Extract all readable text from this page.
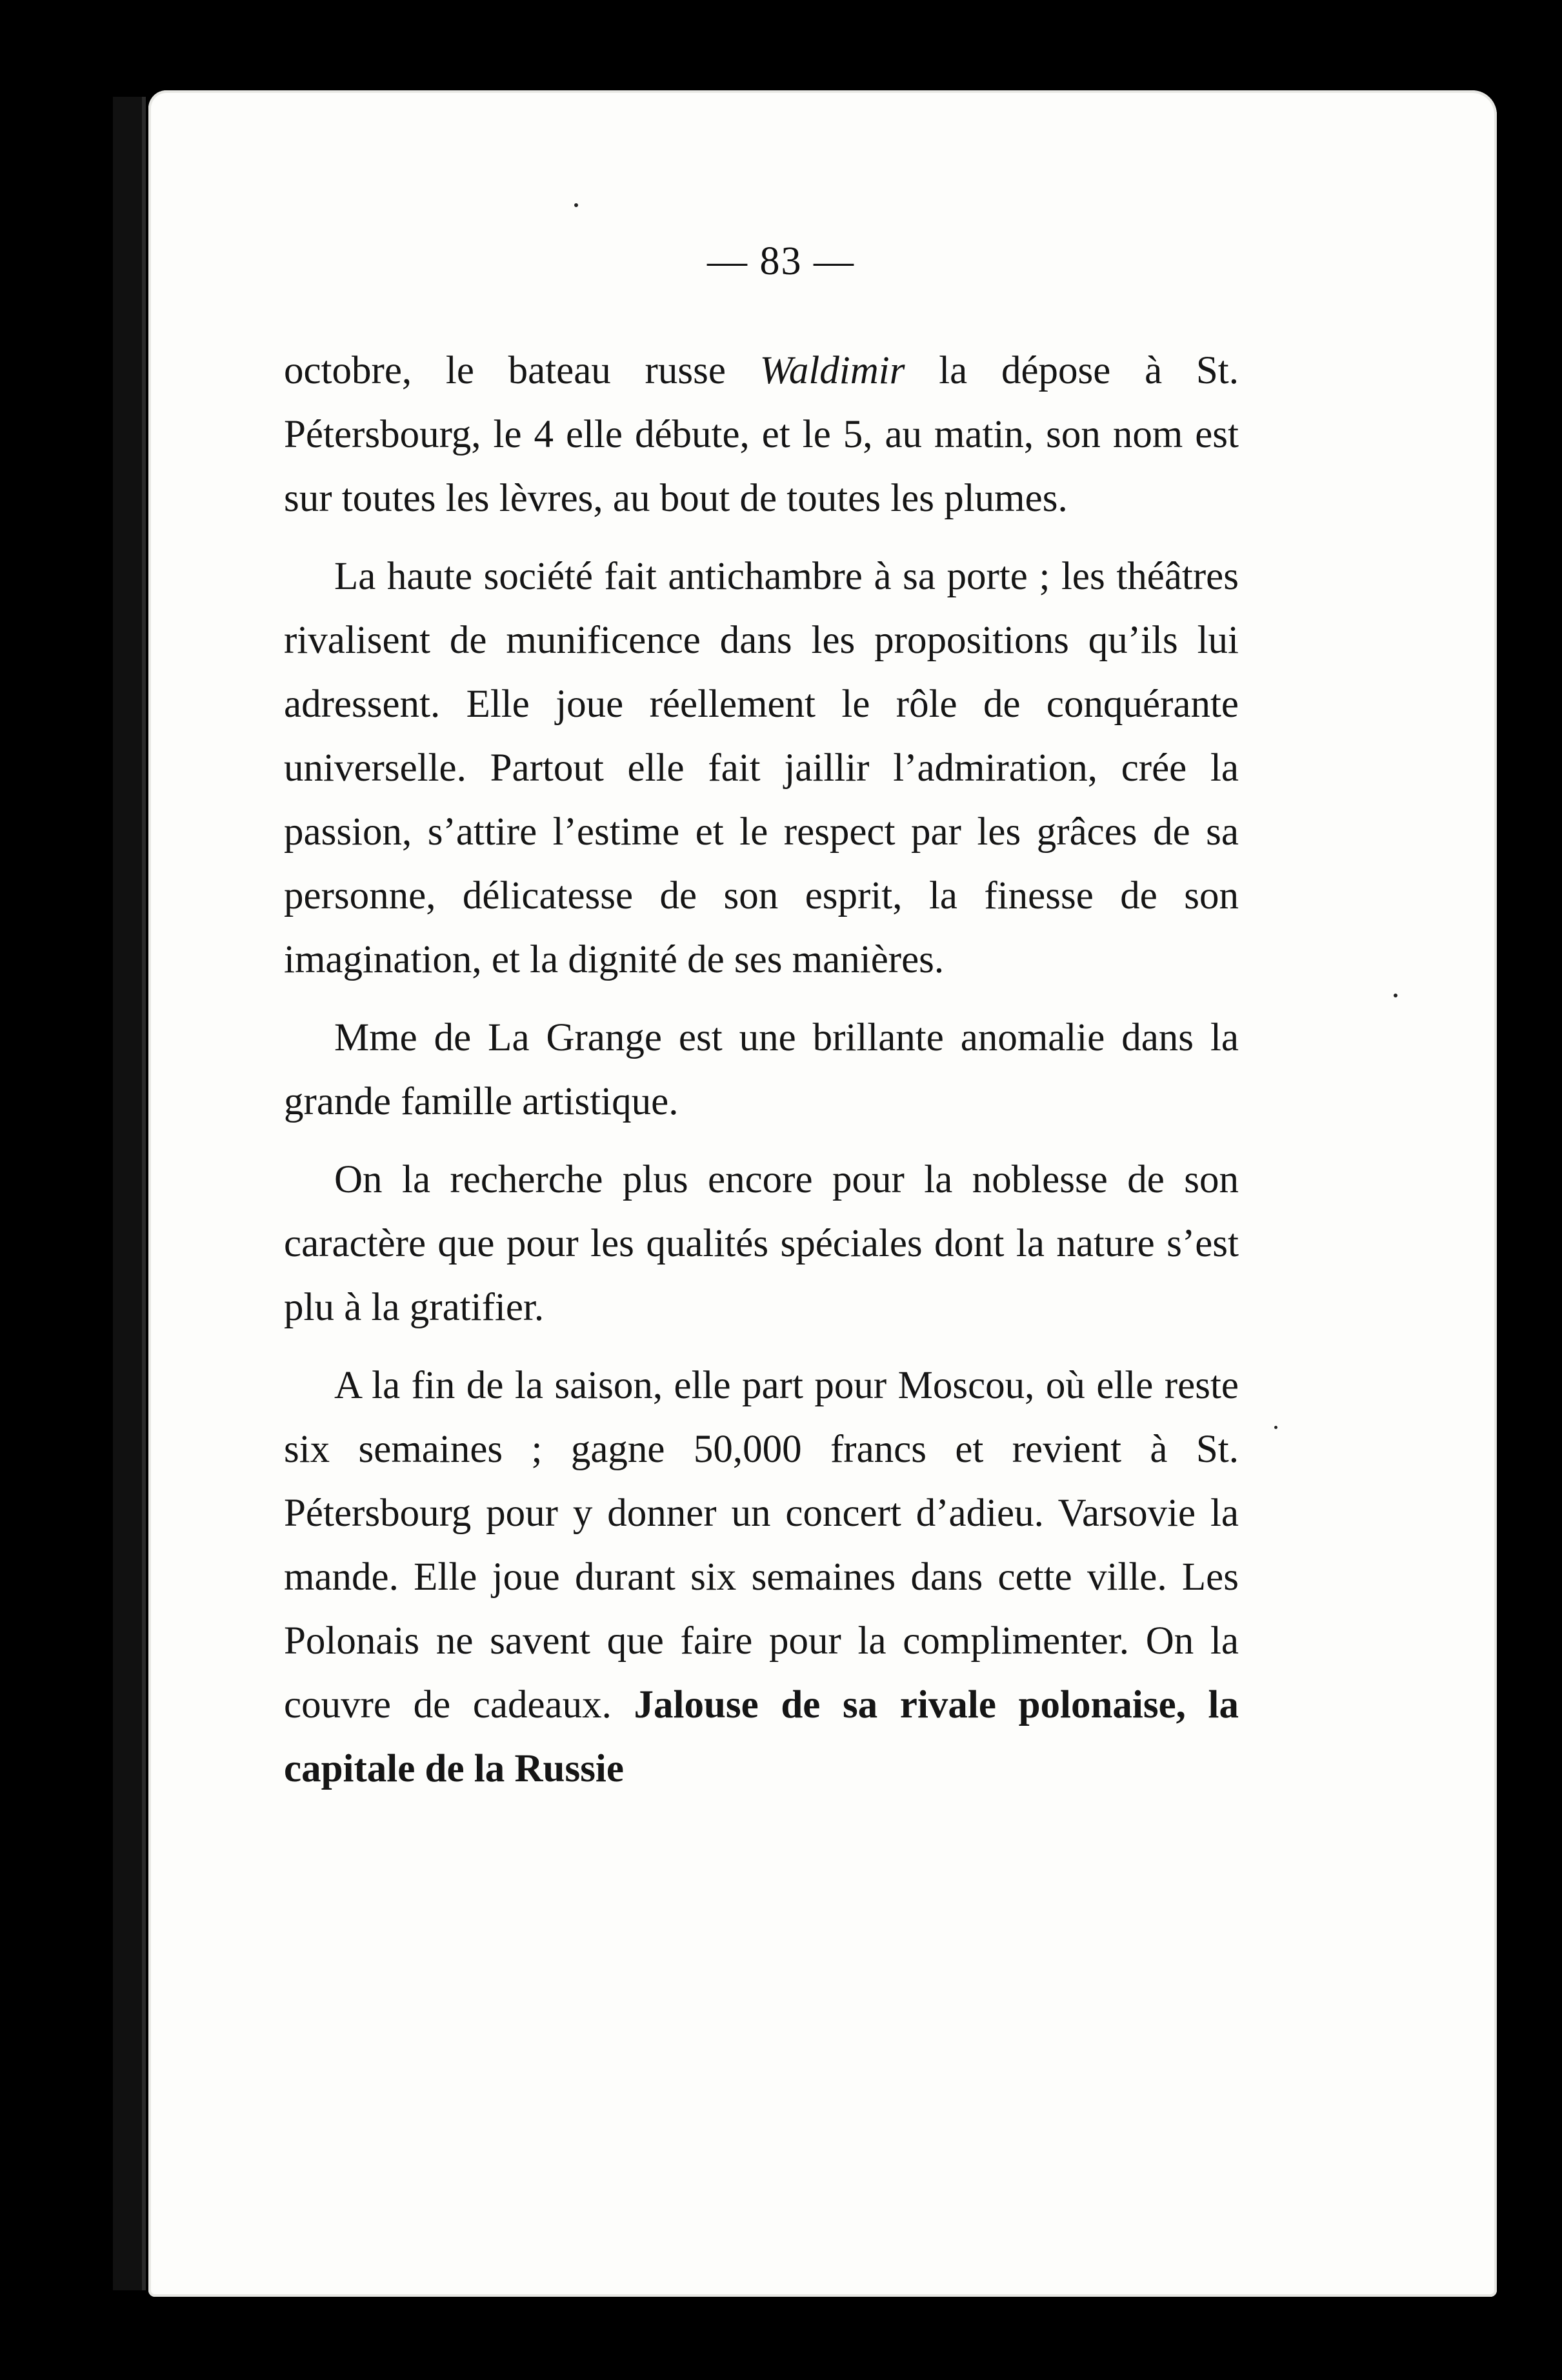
— 83 —

octobre, le bateau russe Waldimir la dépose à St. Pétersbourg, le 4 elle débute, et le 5, au matin, son nom est sur toutes les lèvres, au bout de toutes les plumes.

La haute société fait antichambre à sa porte ; les théâtres rivalisent de munificence dans les propositions qu’ils lui adressent. Elle joue réellement le rôle de conquérante universelle. Partout elle fait jaillir l’admiration, crée la passion, s’attire l’estime et le respect par les grâces de sa personne, délicatesse de son esprit, la finesse de son imagination, et la dignité de ses manières.

Mme de La Grange est une brillante anomalie dans la grande famille artistique.

On la recherche plus encore pour la noblesse de son caractère que pour les qualités spéciales dont la nature s’est plu à la gratifier.

A la fin de la saison, elle part pour Moscou, où elle reste six semaines ; gagne 50,000 francs et revient à St. Pétersbourg pour y donner un concert d’adieu. Varsovie la mande. Elle joue durant six semaines dans cette ville. Les Polonais ne savent que faire pour la complimenter. On la couvre de cadeaux. Jalouse de sa rivale polonaise, la capitale de la Russie
